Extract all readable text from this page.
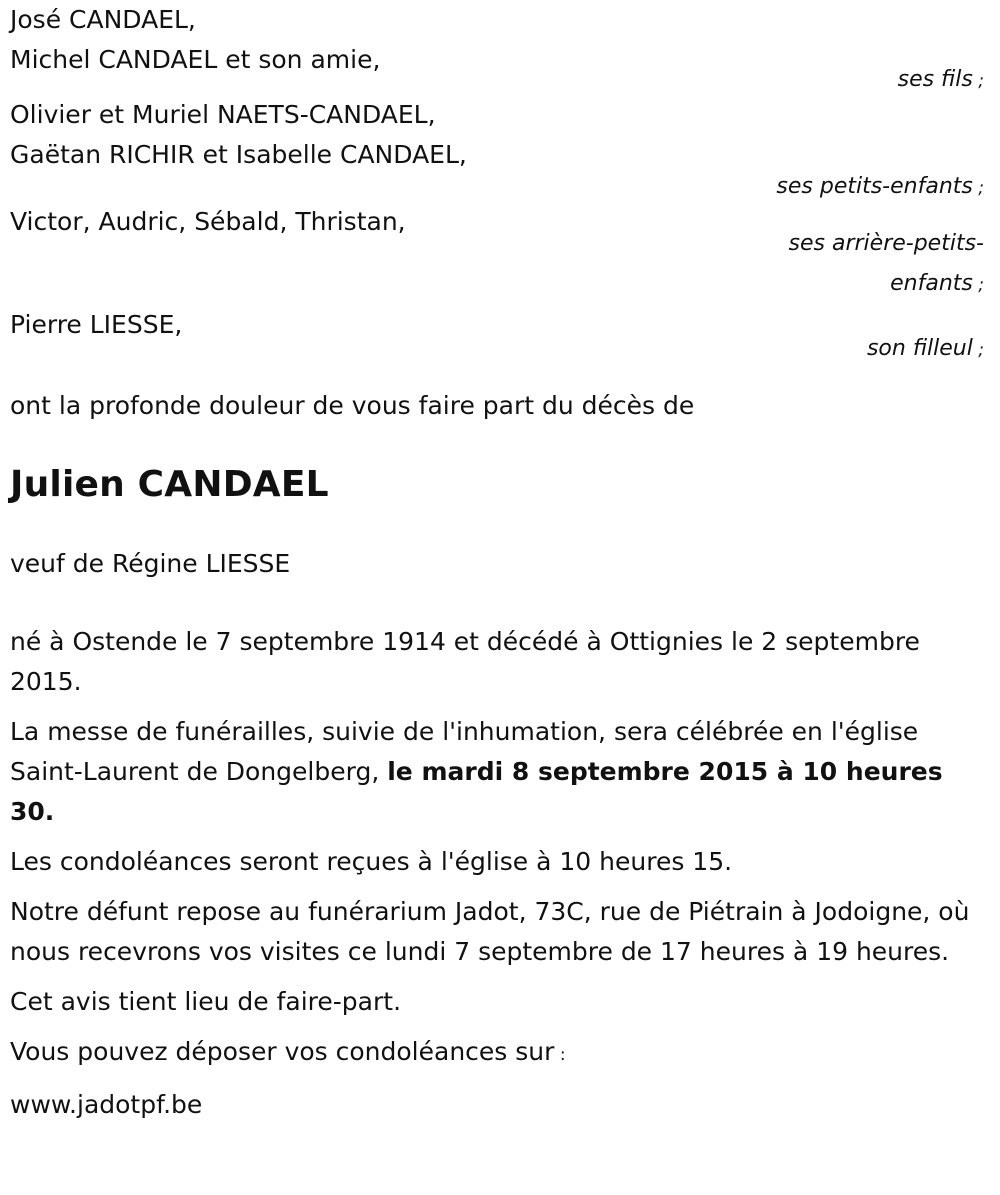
José CANDAEL,
Michel CANDAEL et son amie,
ses fils ;
Olivier et Muriel NAETS-CANDAEL,
Gaëtan RICHIR et Isabelle CANDAEL,
ses petits-enfants ;
Victor, Audric, Sébald, Thristan,
ses arrière-petits-
enfants ;
Pierre LIESSE,
son filleul ;
ont la profonde douleur de vous faire part du décès de
Julien CANDAEL
veuf de Régine LIESSE

né à Ostende le 7 septembre 1914 et décédé à Ottignies le 2 septembre 2015.

La messe de funérailles, suivie de l'inhumation, sera célébrée en l'église Saint-Laurent de Dongelberg, le mardi 8 septembre 2015 à 10 heures 30.

Les condoléances seront reçues à l'église à 10 heures 15.

Notre défunt repose au funérarium Jadot, 73C, rue de Piétrain à Jodoigne, où nous recevrons vos visites ce lundi 7 septembre de 17 heures à 19 heures.

Cet avis tient lieu de faire-part.

Vous pouvez déposer vos condoléances sur :

www.jadotpf.be
